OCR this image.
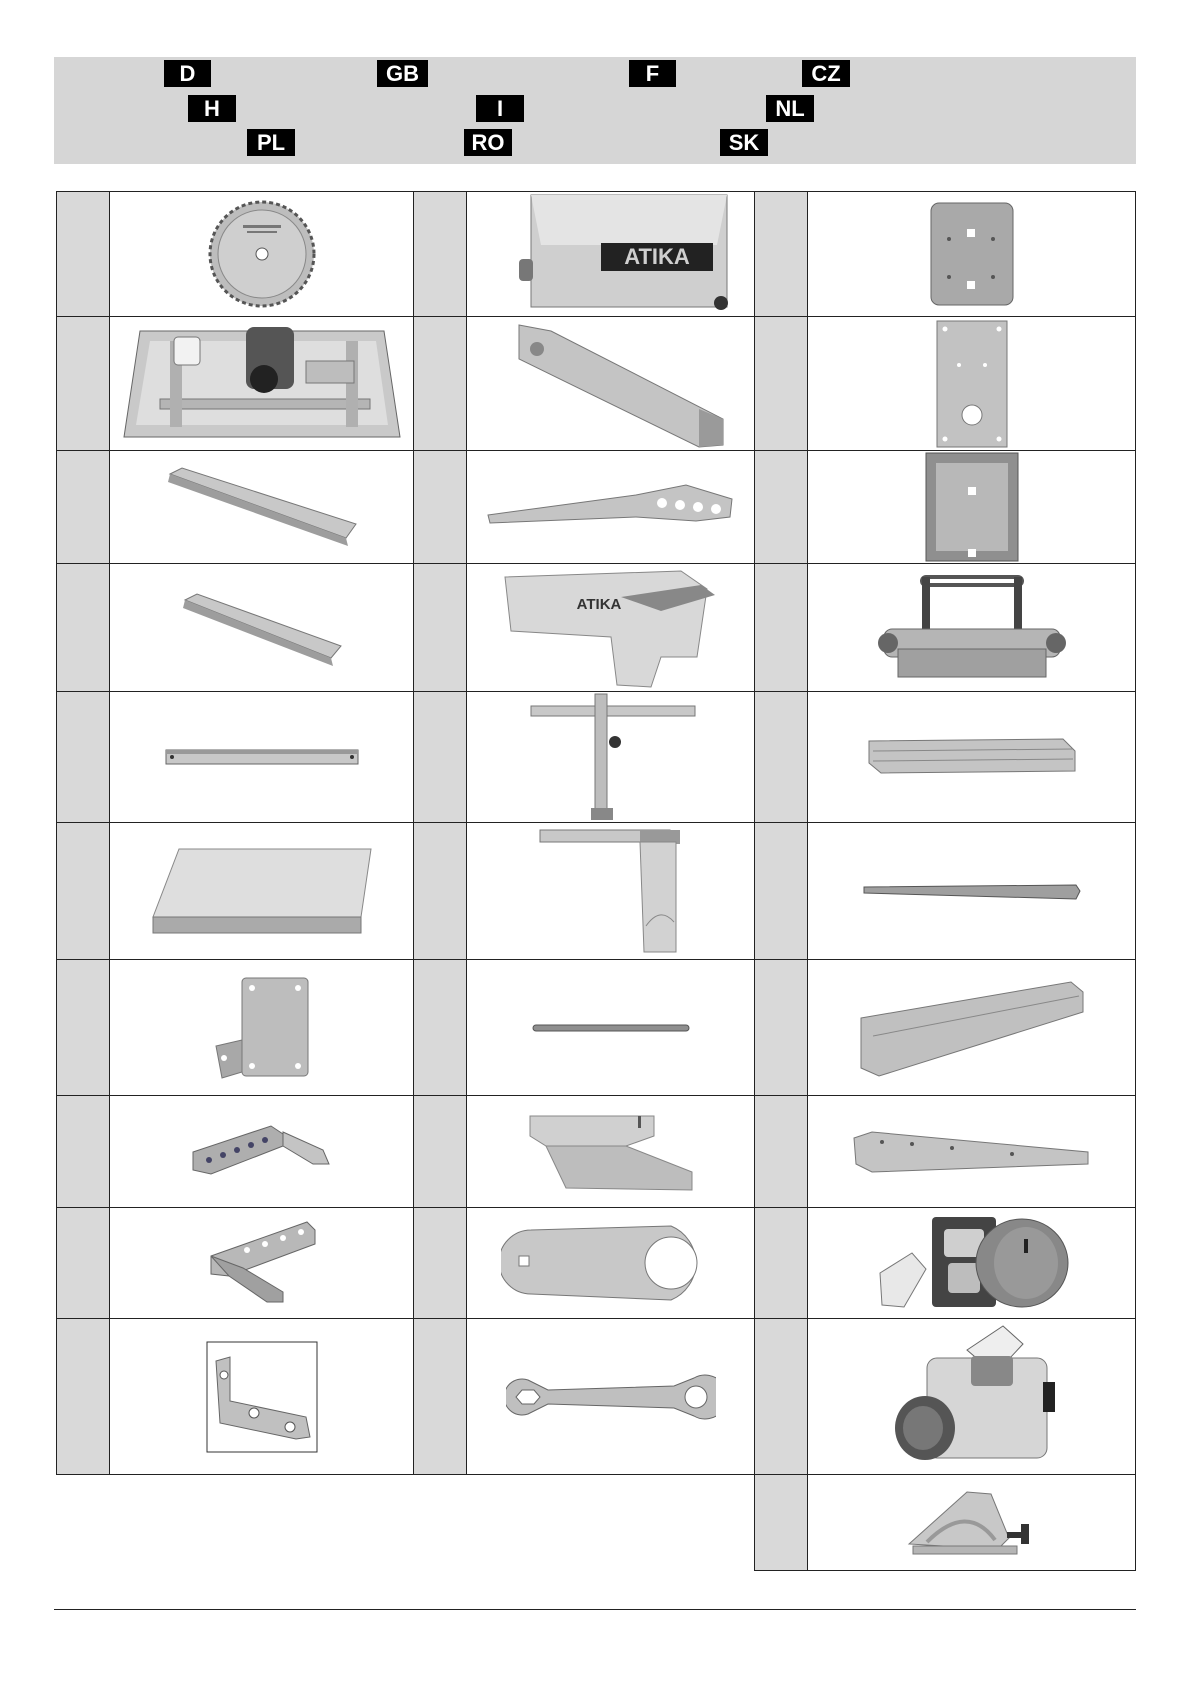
D	GB	F	CZ
H	I	NL
PL	RO	SK

ATIKA

ATIKA
